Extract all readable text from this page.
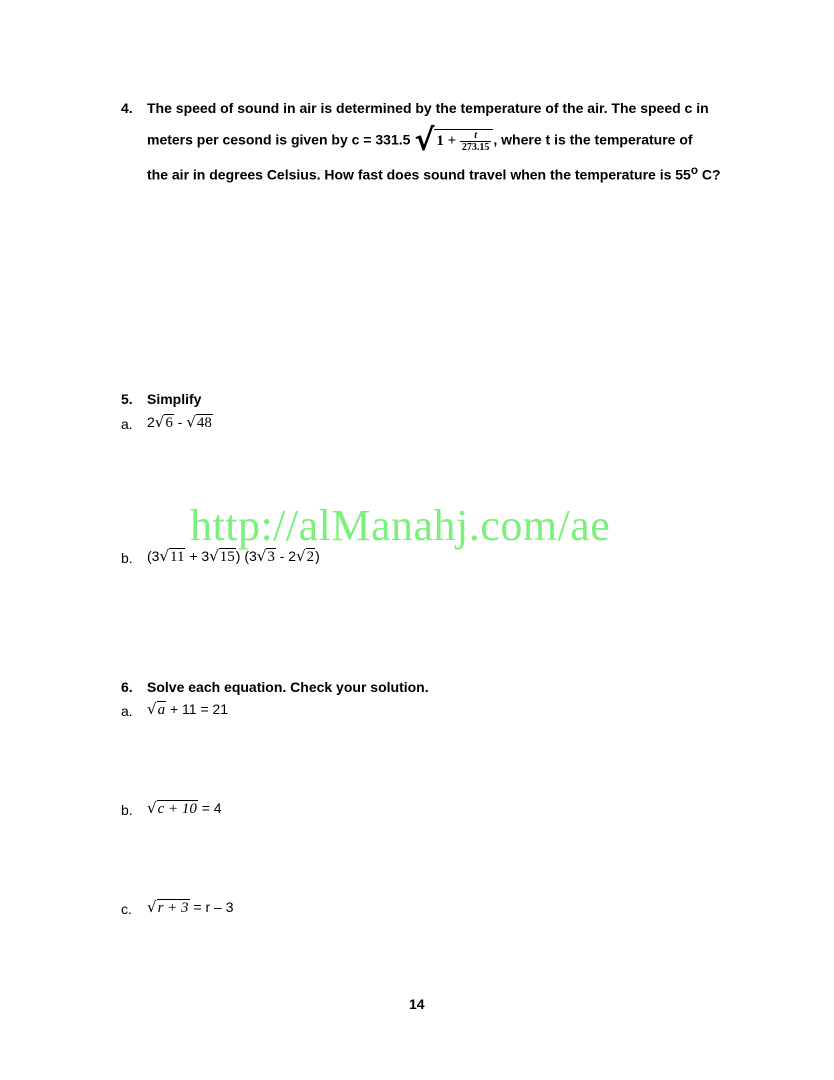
4. The speed of sound in air is determined by the temperature of the air. The speed c in
meters per cesond is given by c = 331.5 √ $1 + \frac{t}{273.15}$ , where t is the temperature of
the air in degrees Celsius. How fast does sound travel when the temperature is 55$^o$ C?
5. Simplify
a. 2√6 - √48
b. (3√11 + 3√15) (3√3 - 2√2)
http://alManahj.com/ae
6. Solve each equation. Check your solution.
a. √a + 11 = 21
b. √c + 10 = 4
c. √r + 3 = r – 3
14
